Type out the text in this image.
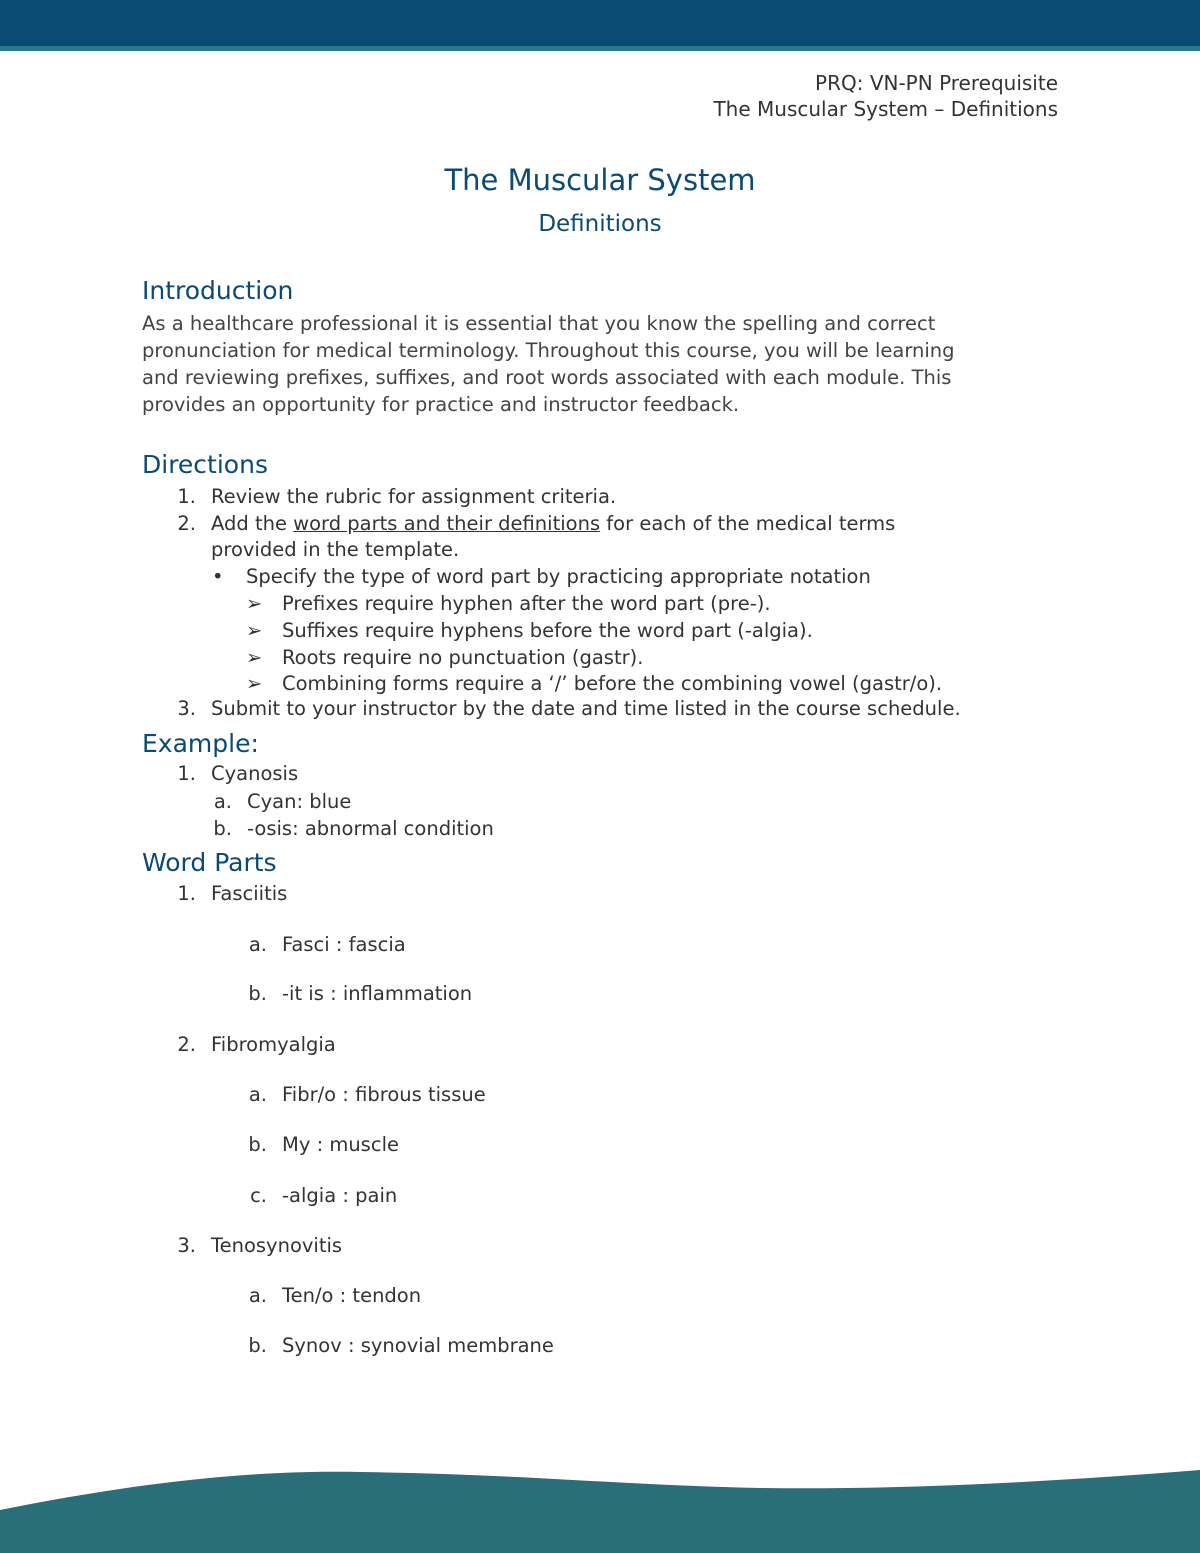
PRQ: VN-PN Prerequisite
The Muscular System – Definitions
The Muscular System
Definitions
Introduction
As a healthcare professional it is essential that you know the spelling and correct
pronunciation for medical terminology. Throughout this course, you will be learning
and reviewing prefixes, suffixes, and root words associated with each module. This
provides an opportunity for practice and instructor feedback.
Directions
1. Review the rubric for assignment criteria.
2. Add the word parts and their definitions for each of the medical terms
provided in the template.
• Specify the type of word part by practicing appropriate notation
➢ Prefixes require hyphen after the word part (pre-).
➢ Suffixes require hyphens before the word part (-algia).
➢ Roots require no punctuation (gastr).
➢ Combining forms require a ‘/’ before the combining vowel (gastr/o).
3. Submit to your instructor by the date and time listed in the course schedule.
Example:
1. Cyanosis
a. Cyan: blue
b. -osis: abnormal condition
Word Parts
1. Fasciitis
a. Fasci : fascia
b. -it is : inflammation
2. Fibromyalgia
a. Fibr/o : fibrous tissue
b. My : muscle
c. -algia : pain
3. Tenosynovitis
a. Ten/o : tendon
b. Synov : synovial membrane
